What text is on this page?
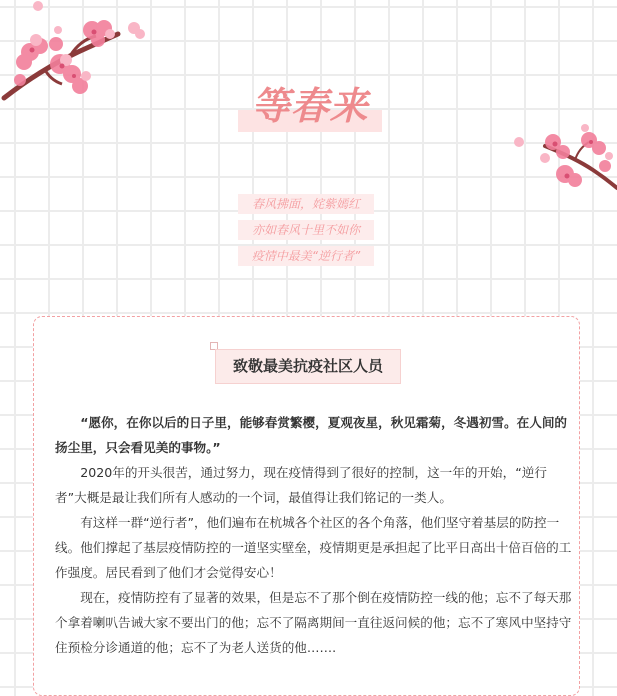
等春来
春风拂面，姹紫嫣红
亦如春风十里不如你
疫情中最美“逆行者”
致敬最美抗疫社区人员

“愿你，在你以后的日子里，能够春赏繁樱，夏观夜星，秋见霜菊，冬遇初雪。在人间的扬尘里，只会看见美的事物。”

2020年的开头很苦，通过努力，现在疫情得到了很好的控制，这一年的开始，“逆行者”大概是最让我们所有人感动的一个词，最值得让我们铭记的一类人。

有这样一群“逆行者”，他们遍布在杭城各个社区的各个角落，他们坚守着基层的防控一线。他们撑起了基层疫情防控的一道坚实壁垒，疫情期更是承担起了比平日高出十倍百倍的工作强度。居民看到了他们才会觉得安心！

现在，疫情防控有了显著的效果，但是忘不了那个倒在疫情防控一线的他；忘不了每天那个拿着喇叭告诫大家不要出门的他；忘不了隔离期间一直往返问候的他；忘不了寒风中坚持守住预检分诊通道的他；忘不了为老人送货的他…….
